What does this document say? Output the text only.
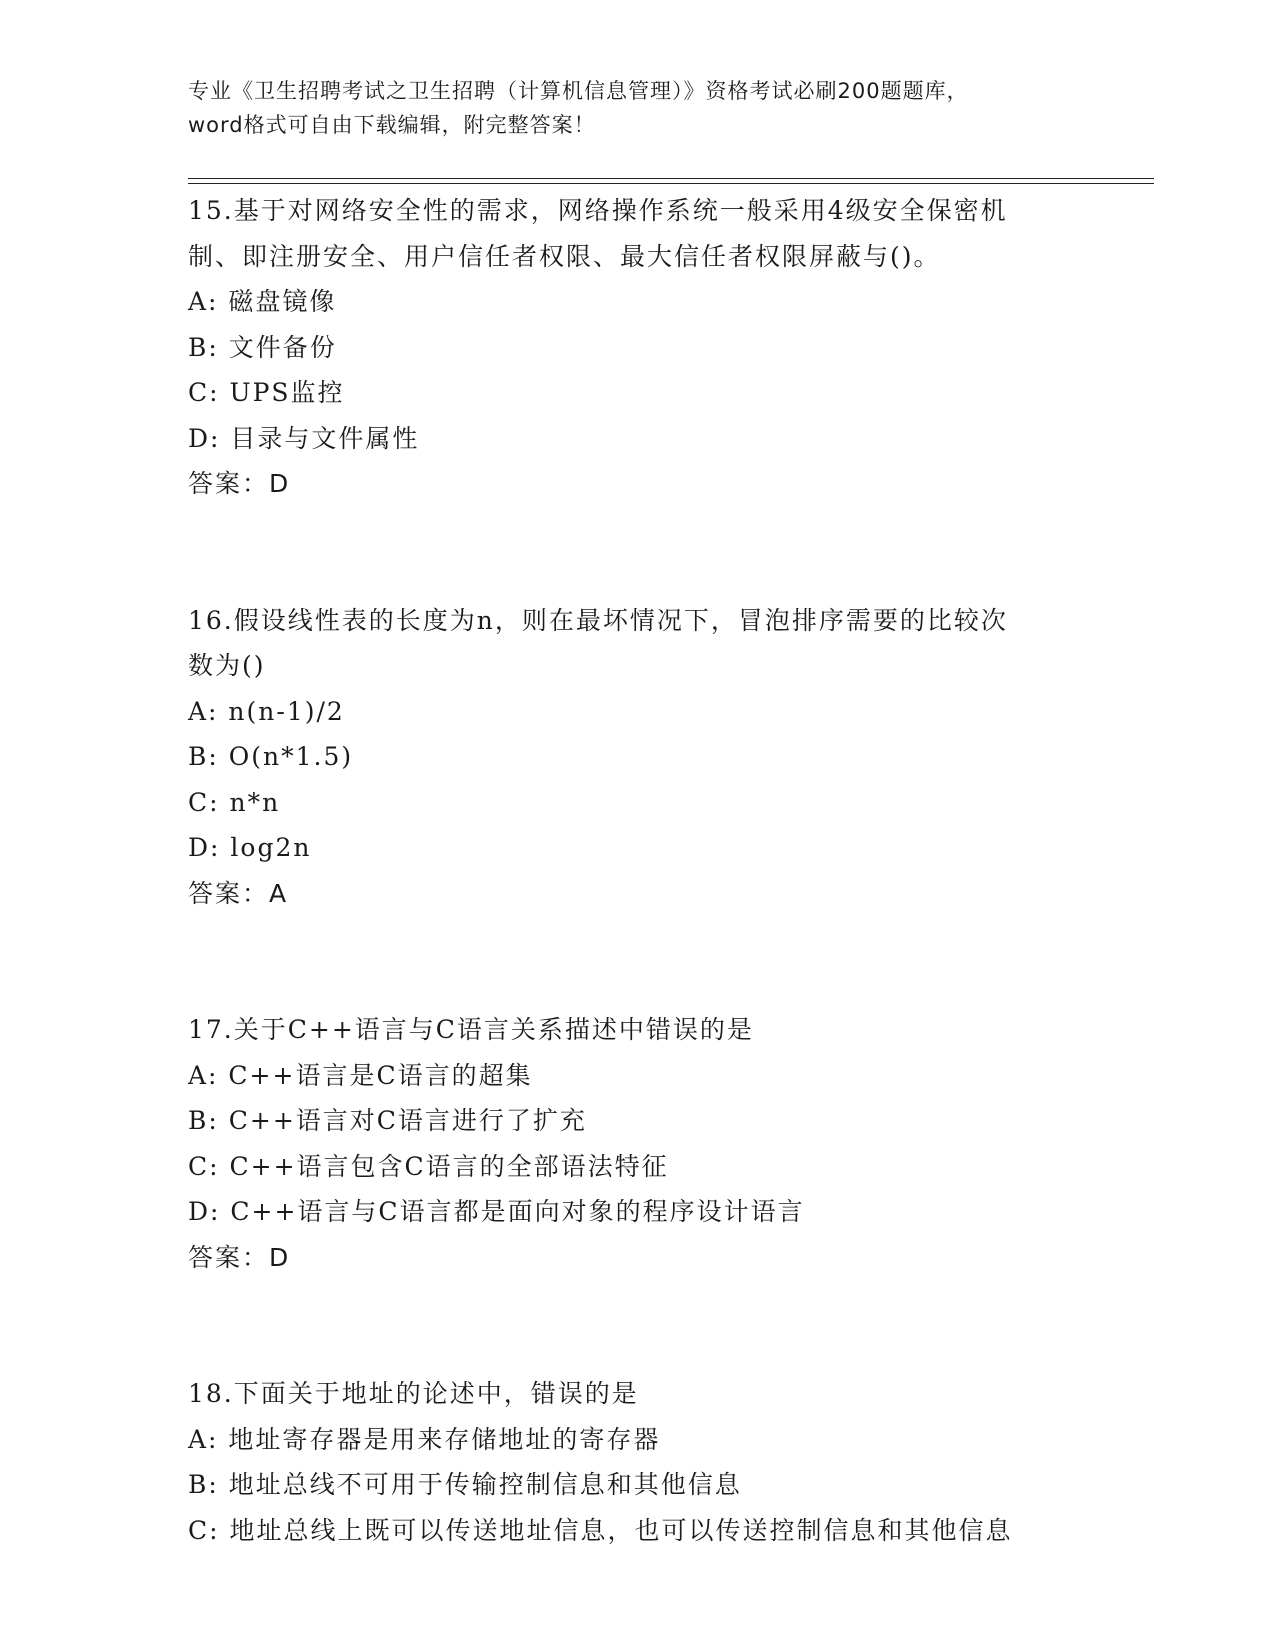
专业《卫生招聘考试之卫生招聘（计算机信息管理）》资格考试必刷200题题库，
word格式可自由下载编辑，附完整答案！
15.基于对网络安全性的需求，网络操作系统一般采用4级安全保密机
制、即注册安全、用户信任者权限、最大信任者权限屏蔽与()。
A: 磁盘镜像
B: 文件备份
C: UPS监控
D: 目录与文件属性
答案：D
16.假设线性表的长度为n，则在最坏情况下，冒泡排序需要的比较次
数为()
A: n(n-1)/2
B: O(n*1.5)
C: n*n
D: log2n
答案：A
17.关于C++语言与C语言关系描述中错误的是
A: C++语言是C语言的超集
B: C++语言对C语言进行了扩充
C: C++语言包含C语言的全部语法特征
D: C++语言与C语言都是面向对象的程序设计语言
答案：D
18.下面关于地址的论述中，错误的是
A: 地址寄存器是用来存储地址的寄存器
B: 地址总线不可用于传输控制信息和其他信息
C: 地址总线上既可以传送地址信息，也可以传送控制信息和其他信息
